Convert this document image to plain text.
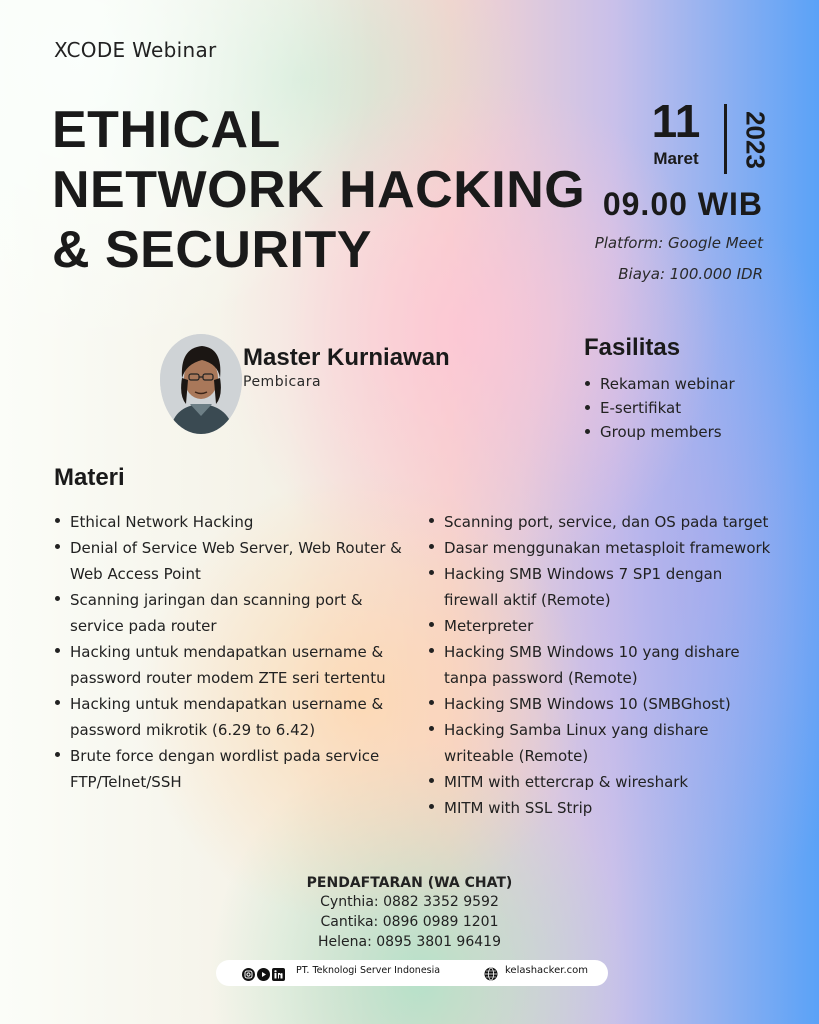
XCODE Webinar
ETHICAL
NETWORK HACKING
& SECURITY
11
Maret	2023
09.00 WIB
Platform: Google Meet
Biaya: 100.000 IDR
Master Kurniawan
Pembicara
Fasilitas
Rekaman webinar
E-sertifikat
Group members
Materi
Ethical Network Hacking
Denial of Service Web Server, Web Router & Web Access Point
Scanning jaringan dan scanning port & service pada router
Hacking untuk mendapatkan username & password router modem ZTE seri tertentu
Hacking untuk mendapatkan username & password mikrotik (6.29 to 6.42)
Brute force dengan wordlist pada service FTP/Telnet/SSH
Scanning port, service, dan OS pada target
Dasar menggunakan metasploit framework
Hacking SMB Windows 7 SP1 dengan firewall aktif (Remote)
Meterpreter
Hacking SMB Windows 10 yang dishare tanpa password (Remote)
Hacking SMB Windows 10 (SMBGhost)
Hacking Samba Linux yang dishare writeable (Remote)
MITM with ettercrap & wireshark
MITM with SSL Strip
PENDAFTARAN (WA CHAT)
Cynthia: 0882 3352 9592
Cantika: 0896 0989 1201
Helena: 0895 3801 96419
PT. Teknologi Server Indonesia	kelashacker.com
